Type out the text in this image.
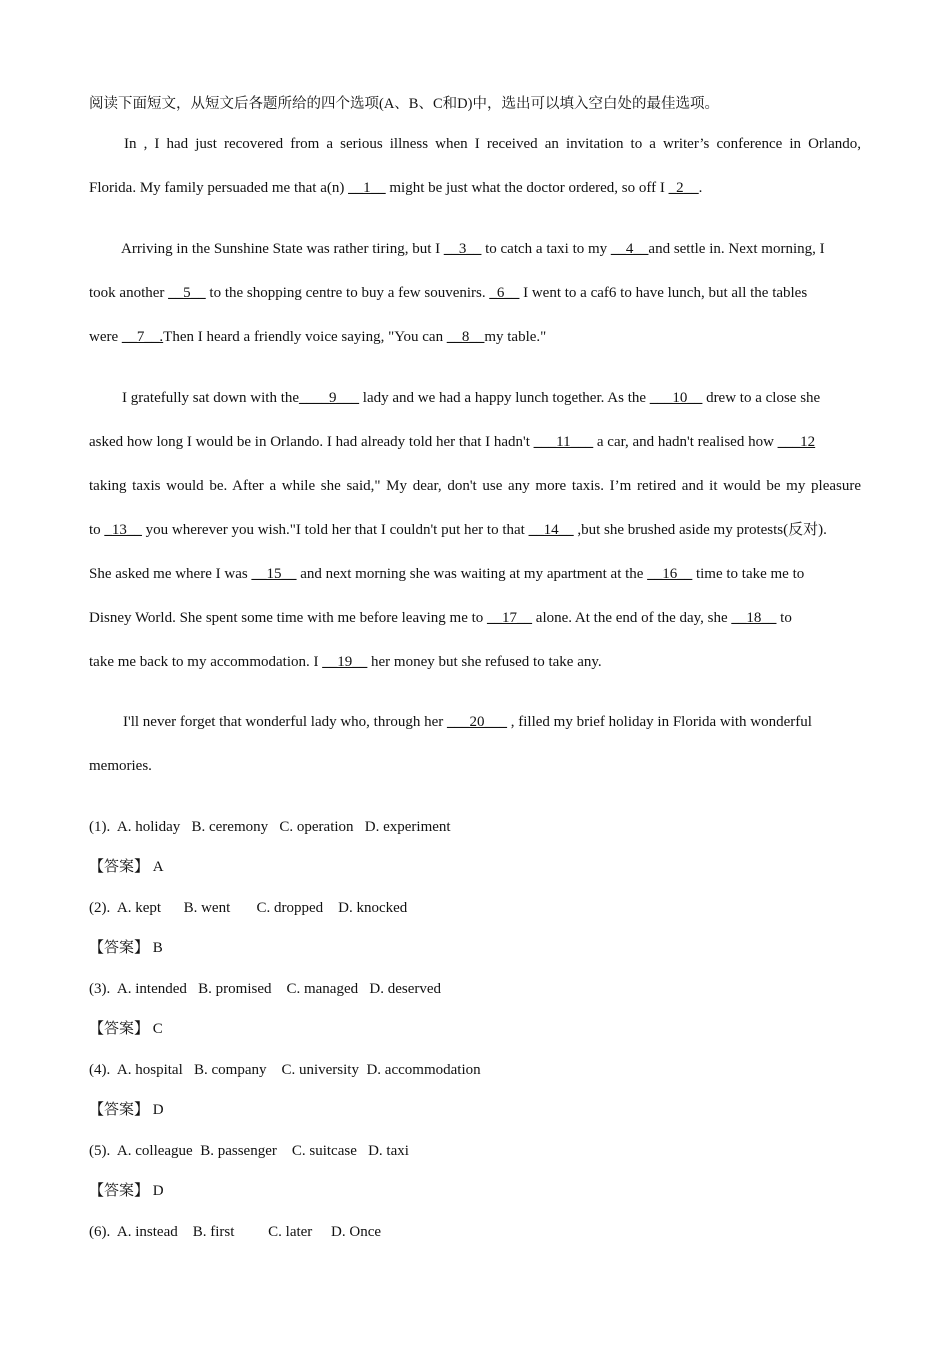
阅读下面短文，从短文后各题所给的四个选项(A、B、C和D)中，选出可以填入空白处的最佳选项。
In , I had just recovered from a serious illness when I received an invitation to a writer’s conference in Orlando,
Florida. My family persuaded me that a(n) __1__ might be just what the doctor ordered, so off I _2__.
Arriving in the Sunshine State was rather tiring, but I __3__ to catch a taxi to my __4__and settle in. Next morning, I
took another __5__ to the shopping centre to buy a few souvenirs. _6__ I went to a caf6 to have lunch, but all the tables
were __7__.Then I heard a friendly voice saying, "You can __8__my table."
I gratefully sat down with the____9___ lady and we had a happy lunch together. As the ___10__ drew to a close she
asked how long I would be in Orlando. I had already told her that I hadn't ___11___ a car, and hadn't realised how ___12
taking taxis would be. After a while she said," My dear, don't use any more taxis. I’m retired and it would be my pleasure
to _13__ you wherever you wish."I told her that I couldn't put her to that __14__ ,but she brushed aside my protests(反对).
She asked me where I was __15__ and next morning she was waiting at my apartment at the __16__ time to take me to
Disney World. She spent some time with me before leaving me to __17__ alone. At the end of the day, she __18__ to
take me back to my accommodation. I __19__ her money but she refused to take any.
I'll never forget that wonderful lady who, through her ___20___ , filled my brief holiday in Florida with wonderful
memories.
(1).  A. holiday   B. ceremony   C. operation   D. experiment
【答案】 A
(2).  A. kept      B. went       C. dropped    D. knocked
【答案】 B
(3).  A. intended   B. promised    C. managed   D. deserved
【答案】 C
(4).  A. hospital   B. company    C. university  D. accommodation
【答案】 D
(5).  A. colleague  B. passenger    C. suitcase   D. taxi
【答案】 D
(6).  A. instead    B. first         C. later     D. Once
